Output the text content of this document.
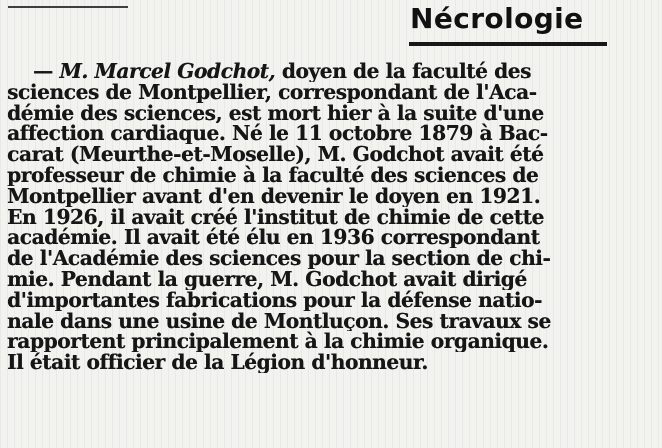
Nécrologie
— M. Marcel Godchot, doyen de la faculté des
sciences de Montpellier, correspondant de l'Aca-
démie des sciences, est mort hier à la suite d'une
affection cardiaque. Né le 11 octobre 1879 à Bac-
carat (Meurthe-et-Moselle), M. Godchot avait été
professeur de chimie à la faculté des sciences de
Montpellier avant d'en devenir le doyen en 1921.
En 1926, il avait créé l'institut de chimie de cette
académie. Il avait été élu en 1936 correspondant
de l'Académie des sciences pour la section de chi-
mie. Pendant la guerre, M. Godchot avait dirigé
d'importantes fabrications pour la défense natio-
nale dans une usine de Montluçon. Ses travaux se
rapportent principalement à la chimie organique.
Il était officier de la Légion d'honneur.
